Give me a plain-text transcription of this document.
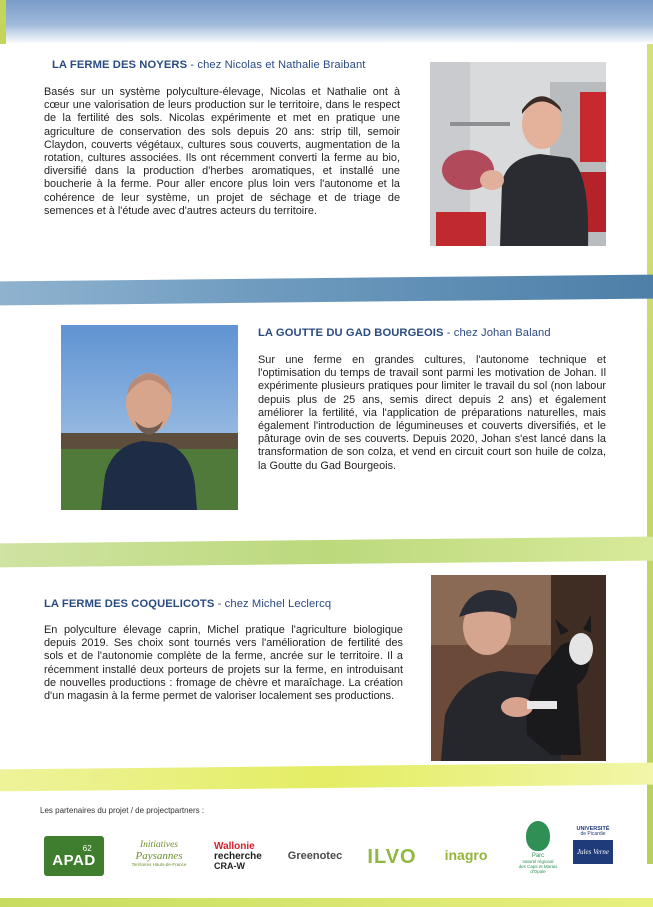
LA FERME DES NOYERS - chez Nicolas et Nathalie Braibant
Basés sur un système polyculture-élevage, Nicolas et Nathalie ont à cœur une valorisation de leurs production sur le territoire, dans le respect de la fertilité des sols. Nicolas expérimente et met en pratique une agriculture de conservation des sols depuis 20 ans: strip till, semoir Claydon, couverts végétaux, cultures sous couverts, augmentation de la rotation, cultures associées. Ils ont récemment converti la ferme au bio, diversifié dans la production d'herbes aromatiques, et installé une boucherie à la ferme. Pour aller encore plus loin vers l'autonome et la cohérence de leur système, un projet de séchage et de triage de semences et à l'étude avec d'autres acteurs du territoire.
LA GOUTTE DU GAD BOURGEOIS - chez Johan Baland
Sur une ferme en grandes cultures, l'autonome technique et l'optimisation du temps de travail sont parmi les motivation de Johan. Il expérimente plusieurs pratiques pour limiter le travail du sol (non labour depuis plus de 25 ans, semis direct depuis 2 ans) et également améliorer la fertilité, via l'application de préparations naturelles, mais également l'introduction de légumineuses et couverts diversifiés, et le pâturage ovin de ses couverts. Depuis 2020, Johan s'est lancé dans la transformation de son colza, et vend en circuit court son huile de colza, la Goutte du Gad Bourgeois.
LA FERME DES COQUELICOTS - chez Michel Leclercq
En polyculture élevage caprin, Michel pratique l'agriculture biologique depuis 2019. Ses choix sont tournés vers l'amélioration de fertilité des sols et de l'autonomie complète de la ferme, ancrée sur le territoire. Il a récemment installé deux porteurs de projets sur la ferme, en introduisant de nouvelles productions : fromage de chèvre et maraîchage. La création d'un magasin à la ferme permet de valoriser localement ses productions.
Les partenaires du projet / de projectpartners :
62
APAD
Initiatives
Paysannes
Territoires Hauts-de-France
Wallonie
recherche
CRA-W
Greenotec ILVO inagro	Parc
naturel régional
des Caps et Marais d'Opale
UNIVERSITÉ
de Picardie
Jules Verne
